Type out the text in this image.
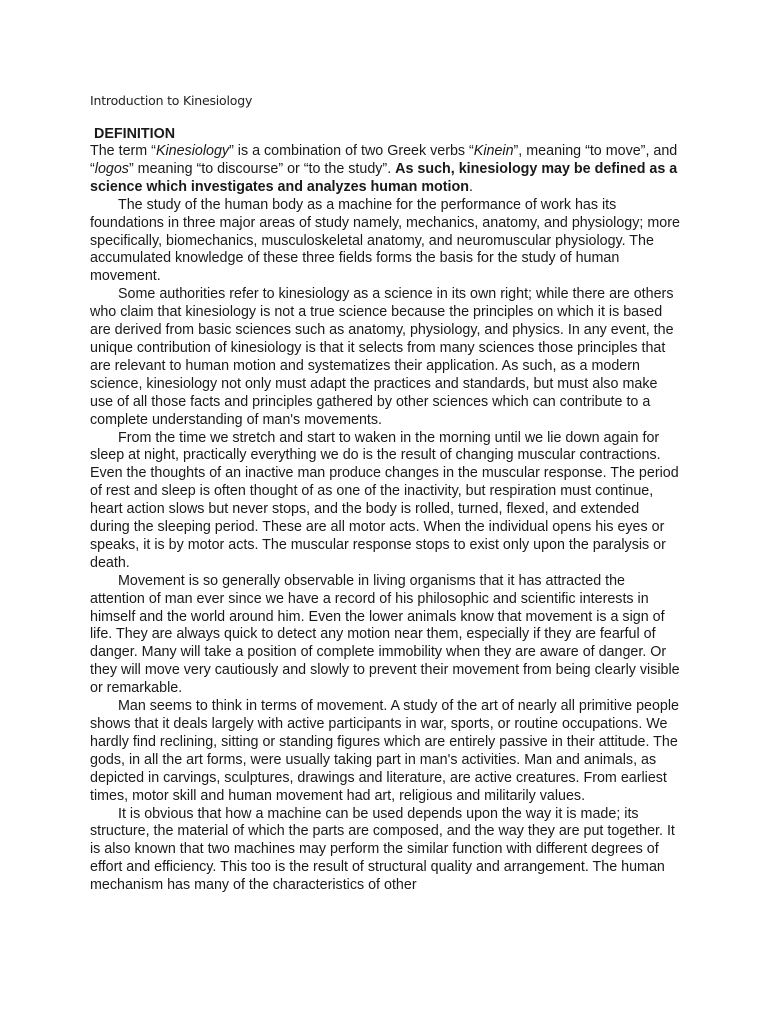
Introduction to Kinesiology
DEFINITION

The term “Kinesiology” is a combination of two Greek verbs “Kinein”, meaning “to move”, and “logos” meaning “to discourse” or “to the study”. As such, kinesiology may be defined as a science which investigates and analyzes human motion.

The study of the human body as a machine for the performance of work has its foundations in three major areas of study namely, mechanics, anatomy, and physiology; more specifically, biomechanics, musculoskeletal anatomy, and neuromuscular physiology. The accumulated knowledge of these three fields forms the basis for the study of human movement.

Some authorities refer to kinesiology as a science in its own right; while there are others who claim that kinesiology is not a true science because the principles on which it is based are derived from basic sciences such as anatomy, physiology, and physics. In any event, the unique contribution of kinesiology is that it selects from many sciences those principles that are relevant to human motion and systematizes their application. As such, as a modern science, kinesiology not only must adapt the practices and standards, but must also make use of all those facts and principles gathered by other sciences which can contribute to a complete understanding of man's movements.

From the time we stretch and start to waken in the morning until we lie down again for sleep at night, practically everything we do is the result of changing muscular contractions. Even the thoughts of an inactive man produce changes in the muscular response. The period of rest and sleep is often thought of as one of the inactivity, but respiration must continue, heart action slows but never stops, and the body is rolled, turned, flexed, and extended during the sleeping period. These are all motor acts. When the individual opens his eyes or speaks, it is by motor acts. The muscular response stops to exist only upon the paralysis or death.

Movement is so generally observable in living organisms that it has attracted the attention of man ever since we have a record of his philosophic and scientific interests in himself and the world around him. Even the lower animals know that movement is a sign of life. They are always quick to detect any motion near them, especially if they are fearful of danger. Many will take a position of complete immobility when they are aware of danger. Or they will move very cautiously and slowly to prevent their movement from being clearly visible or remarkable.

Man seems to think in terms of movement. A study of the art of nearly all primitive people shows that it deals largely with active participants in war, sports, or routine occupations. We hardly find reclining, sitting or standing figures which are entirely passive in their attitude. The gods, in all the art forms, were usually taking part in man's activities. Man and animals, as depicted in carvings, sculptures, drawings and literature, are active creatures. From earliest times, motor skill and human movement had art, religious and militarily values.

It is obvious that how a machine can be used depends upon the way it is made; its structure, the material of which the parts are composed, and the way they are put together. It is also known that two machines may perform the similar function with different degrees of effort and efficiency. This too is the result of structural quality and arrangement. The human mechanism has many of the characteristics of other
